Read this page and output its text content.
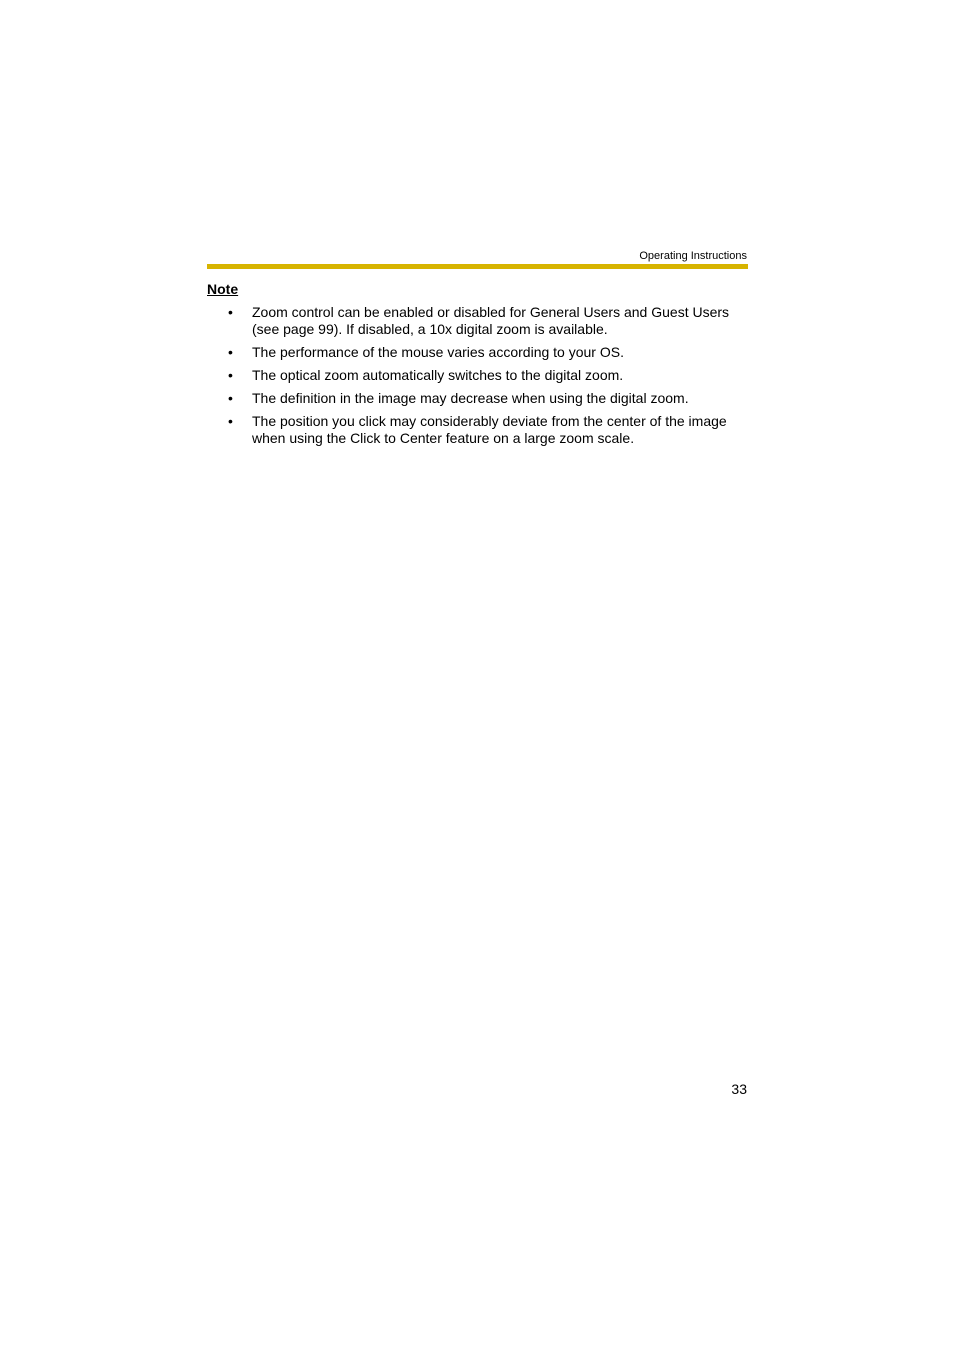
Operating Instructions
Note
• Zoom control can be enabled or disabled for General Users and Guest Users (see page 99). If disabled, a 10x digital zoom is available.
• The performance of the mouse varies according to your OS.
• The optical zoom automatically switches to the digital zoom.
• The definition in the image may decrease when using the digital zoom.
• The position you click may considerably deviate from the center of the image when using the Click to Center feature on a large zoom scale.
33
